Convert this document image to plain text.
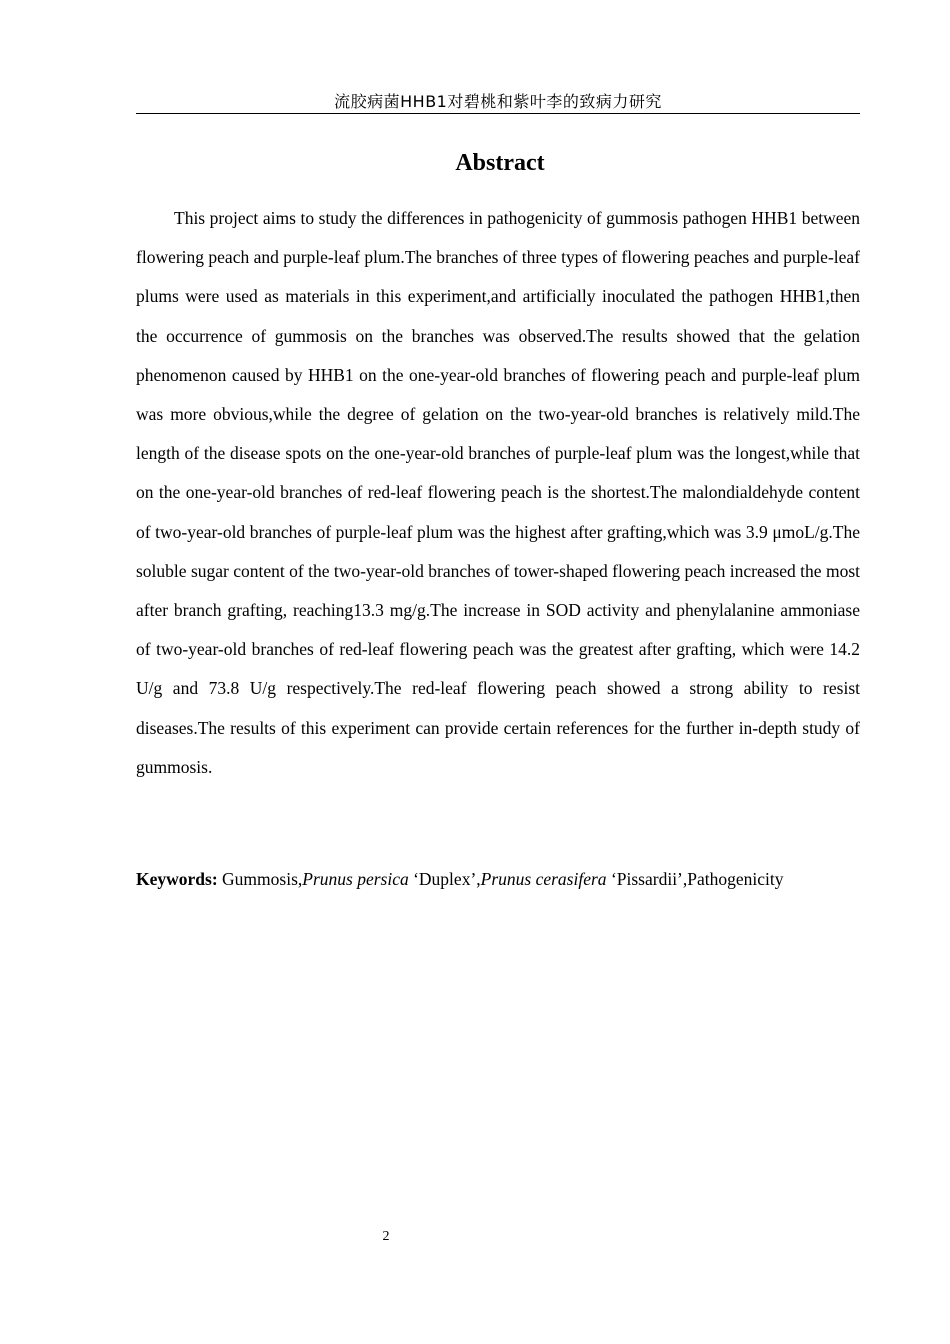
流胶病菌HHB1对碧桃和紫叶李的致病力研究
Abstract

This project aims to study the differences in pathogenicity of gummosis pathogen HHB1 between flowering peach and purple-leaf plum.The branches of three types of flowering peaches and purple-leaf plums were used as materials in this experiment,and artificially inoculated the pathogen HHB1,then the occurrence of gummosis on the branches was observed.The results showed that the gelation phenomenon caused by HHB1 on the one-year-old branches of flowering peach and purple-leaf plum was more obvious,while the degree of gelation on the two-year-old branches is relatively mild.The length of the disease spots on the one-year-old branches of purple-leaf plum was the longest,while that on the one-year-old branches of red-leaf flowering peach is the shortest.The malondialdehyde content of two-year-old branches of purple-leaf plum was the highest after grafting,which was 3.9 μmoL/g.The soluble sugar content of the two-year-old branches of tower-shaped flowering peach increased the most after branch grafting, reaching13.3 mg/g.The increase in SOD activity and phenylalanine ammoniase of two-year-old branches of red-leaf flowering peach was the greatest after grafting, which were 14.2 U/g and 73.8 U/g respectively.The red-leaf flowering peach showed a strong ability to resist diseases.The results of this experiment can provide certain references for the further in-depth study of gummosis.

Keywords: Gummosis,Prunus persica ‘Duplex’,Prunus cerasifera ‘Pissardii’,Pathogenicity

2
